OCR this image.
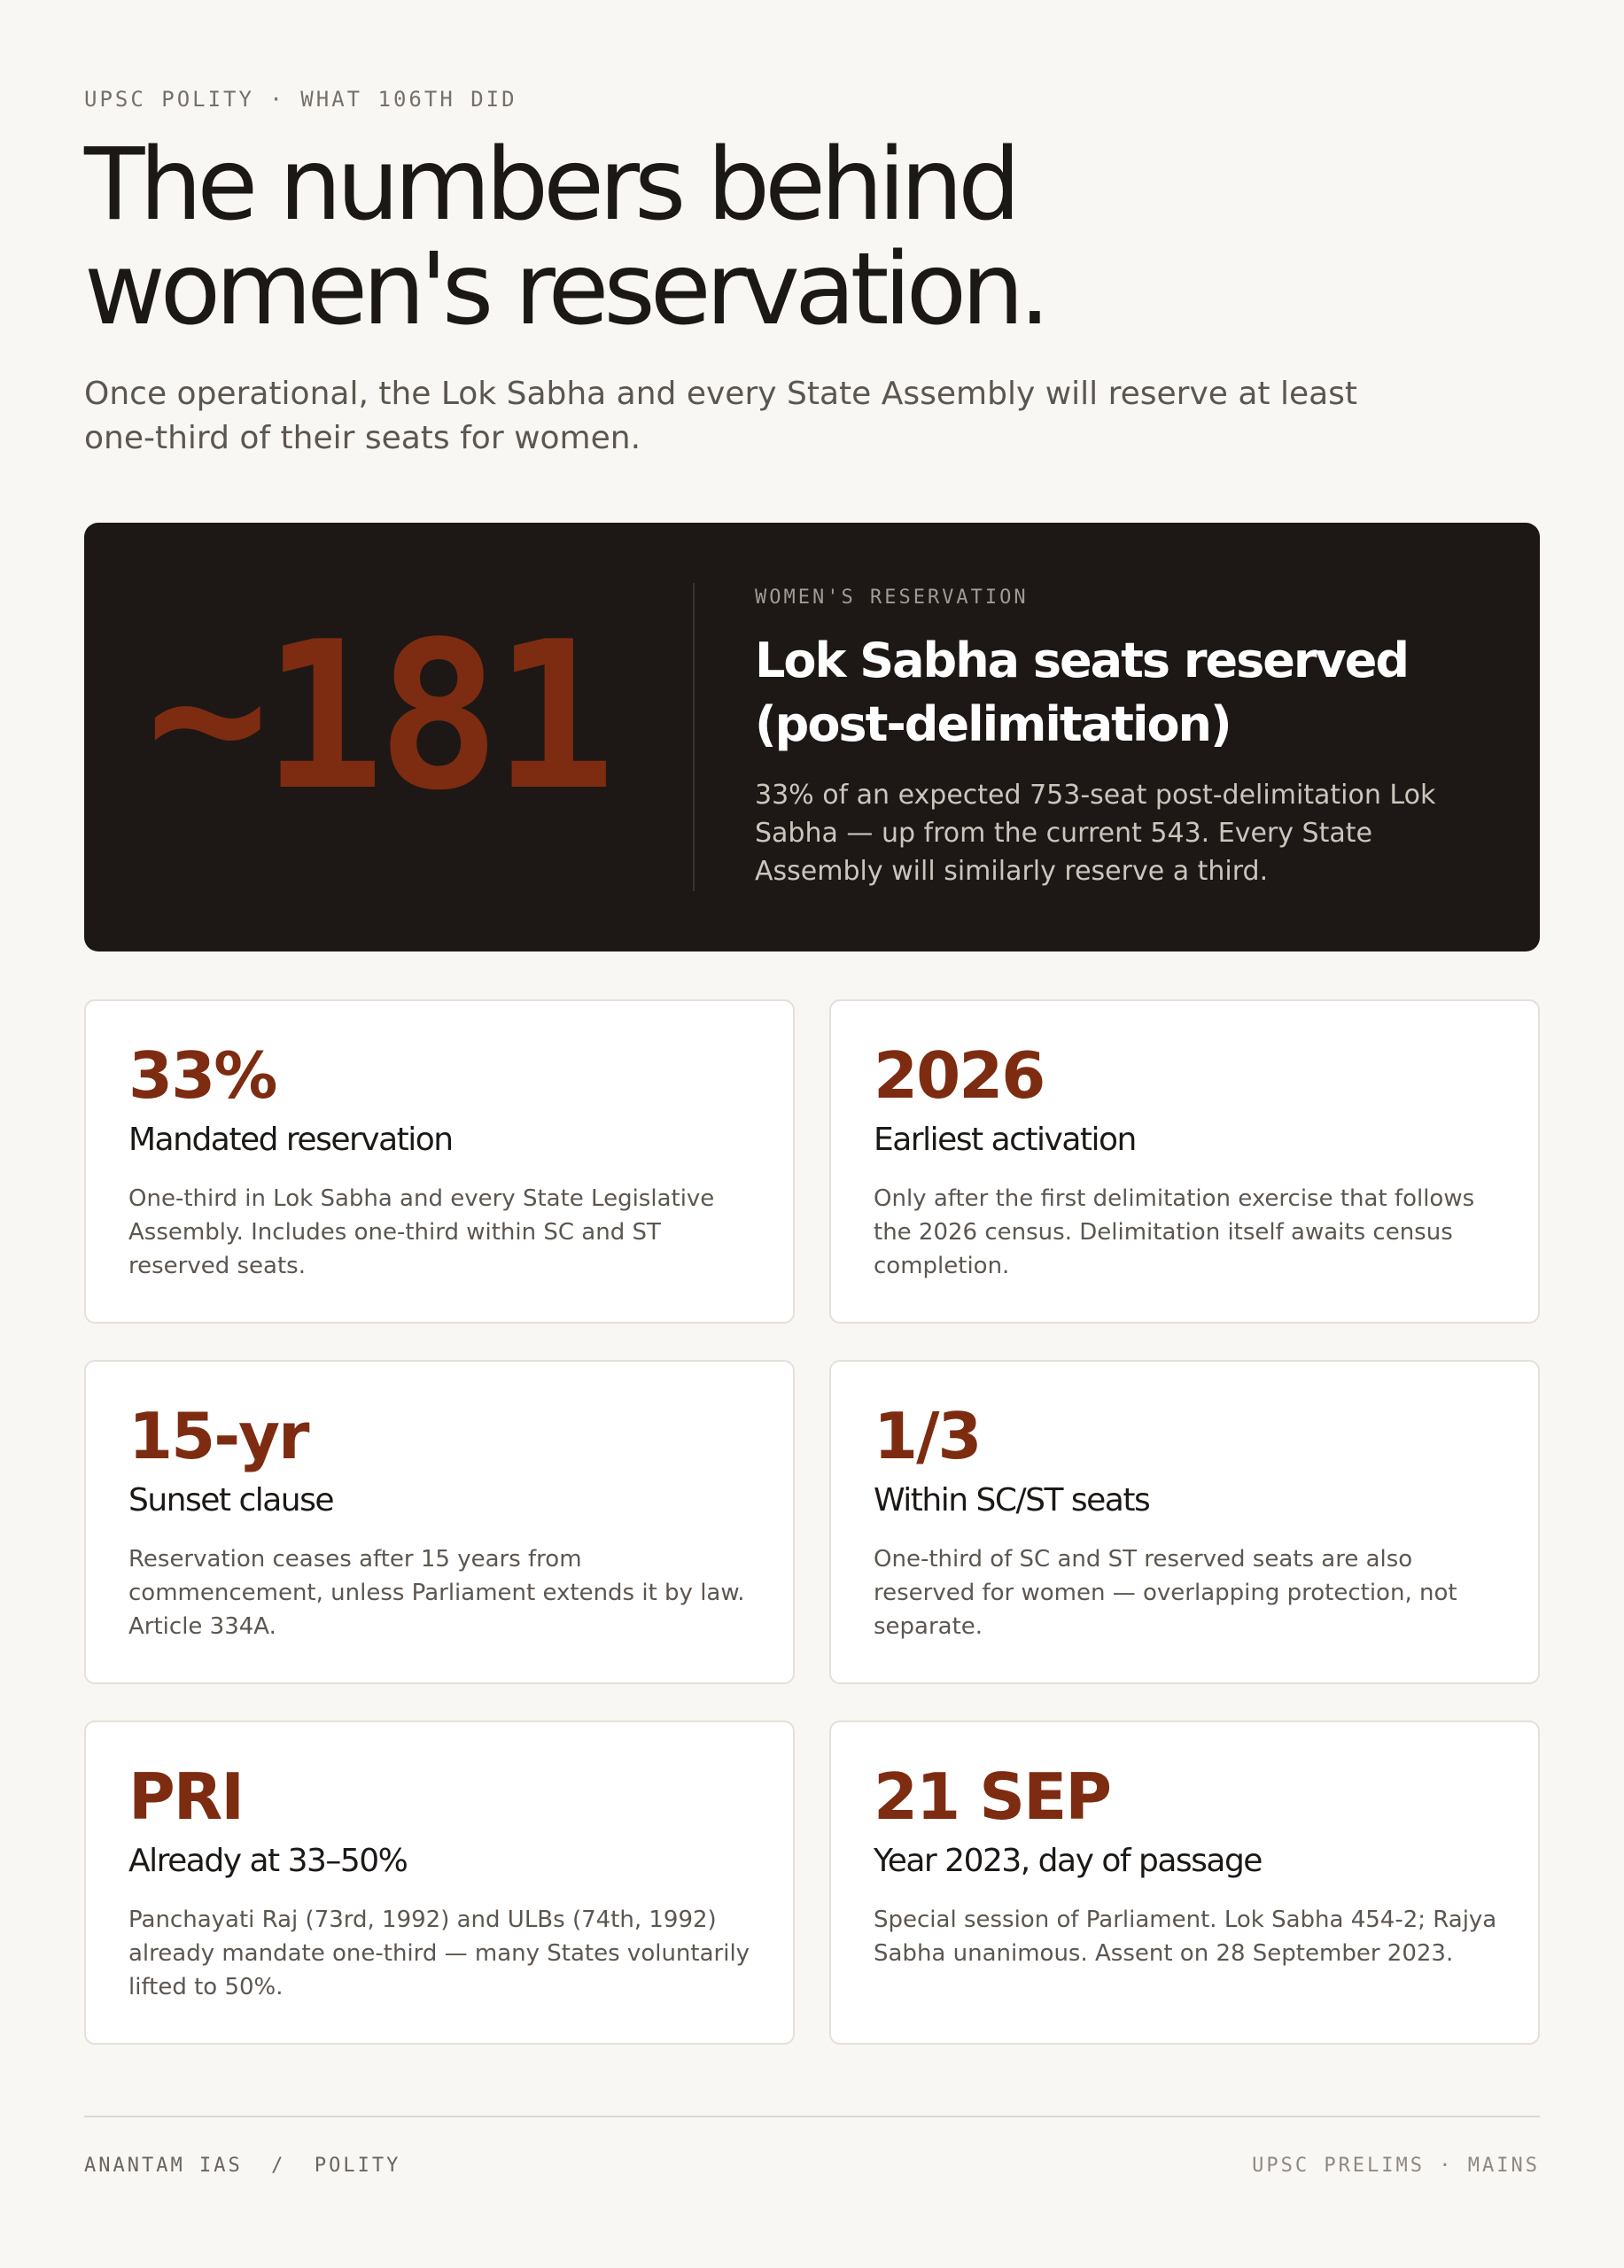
UPSC POLITY · WHAT 106TH DID
The numbers behind women's reservation.

Once operational, the Lok Sabha and every State Assembly will reserve at least one-third of their seats for women.

~181
WOMEN'S RESERVATION
Lok Sabha seats reserved (post-delimitation)

33% of an expected 753-seat post-delimitation Lok Sabha — up from the current 543. Every State Assembly will similarly reserve a third.

33%
Mandated reservation
One-third in Lok Sabha and every State Legislative Assembly. Includes one-third within SC and ST reserved seats.
2026
Earliest activation
Only after the first delimitation exercise that follows the 2026 census. Delimitation itself awaits census completion.
15-yr
Sunset clause
Reservation ceases after 15 years from commencement, unless Parliament extends it by law. Article 334A.
1/3
Within SC/ST seats
One-third of SC and ST reserved seats are also reserved for women — overlapping protection, not separate.
PRI
Already at 33–50%
Panchayati Raj (73rd, 1992) and ULBs (74th, 1992) already mandate one-third — many States voluntarily lifted to 50%.
21 SEP
Year 2023, day of passage
Special session of Parliament. Lok Sabha 454-2; Rajya Sabha unanimous. Assent on 28 September 2023.
ANANTAM IAS  /  POLITY	UPSC PRELIMS · MAINS
